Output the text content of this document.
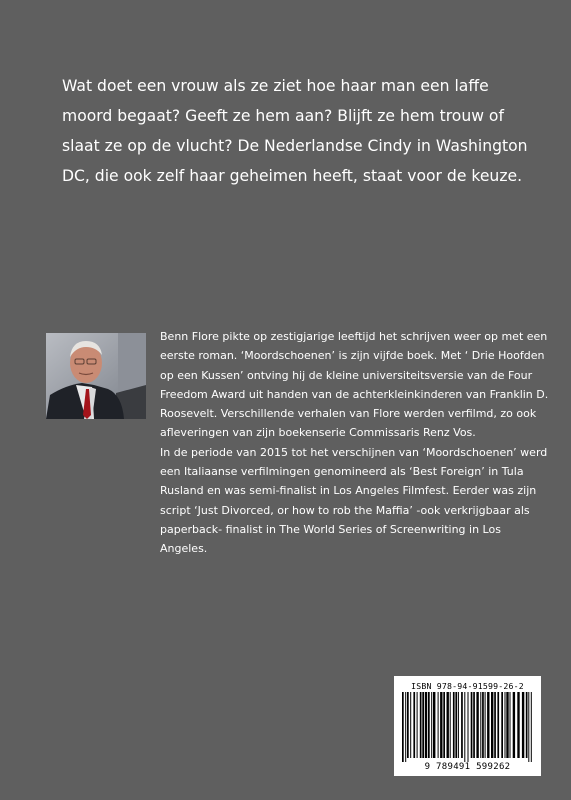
Wat doet een vrouw als ze ziet hoe haar man een laffe moord begaat? Geeft ze hem aan? Blijft ze hem trouw of slaat ze op de vlucht? De Nederlandse Cindy in Washington DC, die ook zelf haar geheimen heeft, staat voor de keuze.

Benn Flore pikte op zestigjarige leeftijd het schrijven weer op met een eerste roman. ‘Moordschoenen’ is zijn vijfde boek. Met ‘ Drie Hoofden op een Kussen’ ontving hij de kleine universiteitsversie van de Four Freedom Award uit handen van de achterkleinkinderen van Franklin D. Roosevelt. Verschillende verhalen van Flore werden verfilmd, zo ook afleveringen van zijn boekenserie Commissaris Renz Vos.

In de periode van 2015 tot het verschijnen van ‘Moordschoenen’ werd een Italiaanse verfilmingen genomineerd als ‘Best Foreign’ in Tula Rusland en was semi-finalist in Los Angeles Filmfest. Eerder was zijn script ‘Just Divorced, or how to rob the Maffia’ -ook verkrijgbaar als paperback- finalist in The World Series of Screenwriting in Los Angeles.

ISBN 978-94-91599-26-2
9 789491 599262
